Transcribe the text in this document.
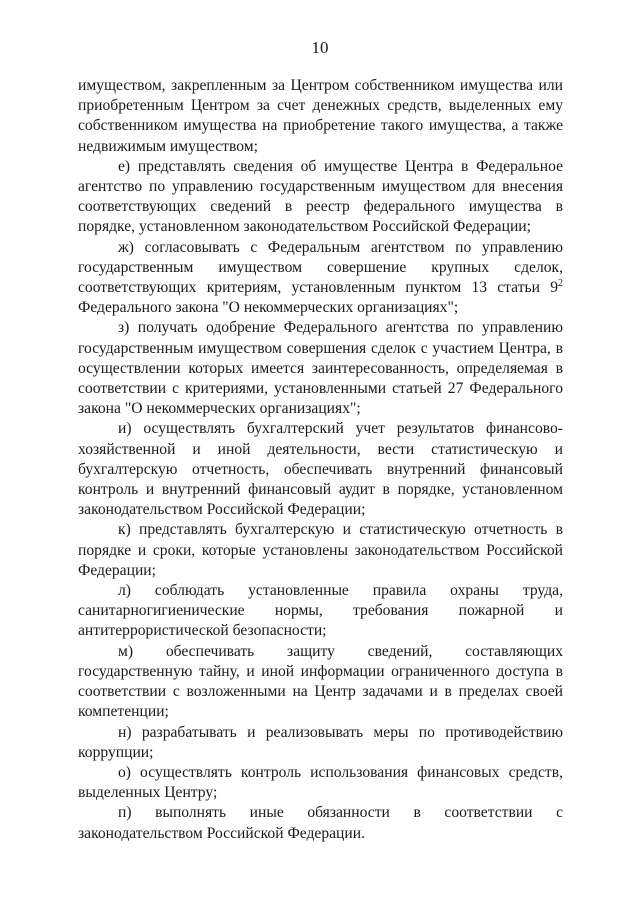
10

имуществом, закрепленным за Центром собственником имущества или приобретенным Центром за счет денежных средств, выделенных ему собственником имущества на приобретение такого имущества, а также недвижимым имуществом;

е) представлять сведения об имуществе Центра в Федеральное агентство по управлению государственным имуществом для внесения соответствующих сведений в реестр федерального имущества в порядке, установленном законодательством Российской Федерации;

ж) согласовывать с Федеральным агентством по управлению государственным имуществом совершение крупных сделок, соответствующих критериям, установленным пунктом 13 статьи $9^2$ Федерального закона "О некоммерческих организациях";

з) получать одобрение Федерального агентства по управлению государственным имуществом совершения сделок с участием Центра, в осуществлении которых имеется заинтересованность, определяемая в соответствии с критериями, установленными статьей 27 Федерального закона "О некоммерческих организациях";

и) осуществлять бухгалтерский учет результатов финансово-хозяйственной и иной деятельности, вести статистическую и бухгалтерскую отчетность, обеспечивать внутренний финансовый контроль и внутренний финансовый аудит в порядке, установленном законодательством Российской Федерации;

к) представлять бухгалтерскую и статистическую отчетность в порядке и сроки, которые установлены законодательством Российской Федерации;

л) соблюдать установленные правила охраны труда, санитарногигиенические нормы, требования пожарной и антитеррористической безопасности;

м) обеспечивать защиту сведений, составляющих государственную тайну, и иной информации ограниченного доступа в соответствии с возложенными на Центр задачами и в пределах своей компетенции;

н) разрабатывать и реализовывать меры по противодействию коррупции;

о) осуществлять контроль использования финансовых средств, выделенных Центру;

п) выполнять иные обязанности в соответствии с законодательством Российской Федерации.
